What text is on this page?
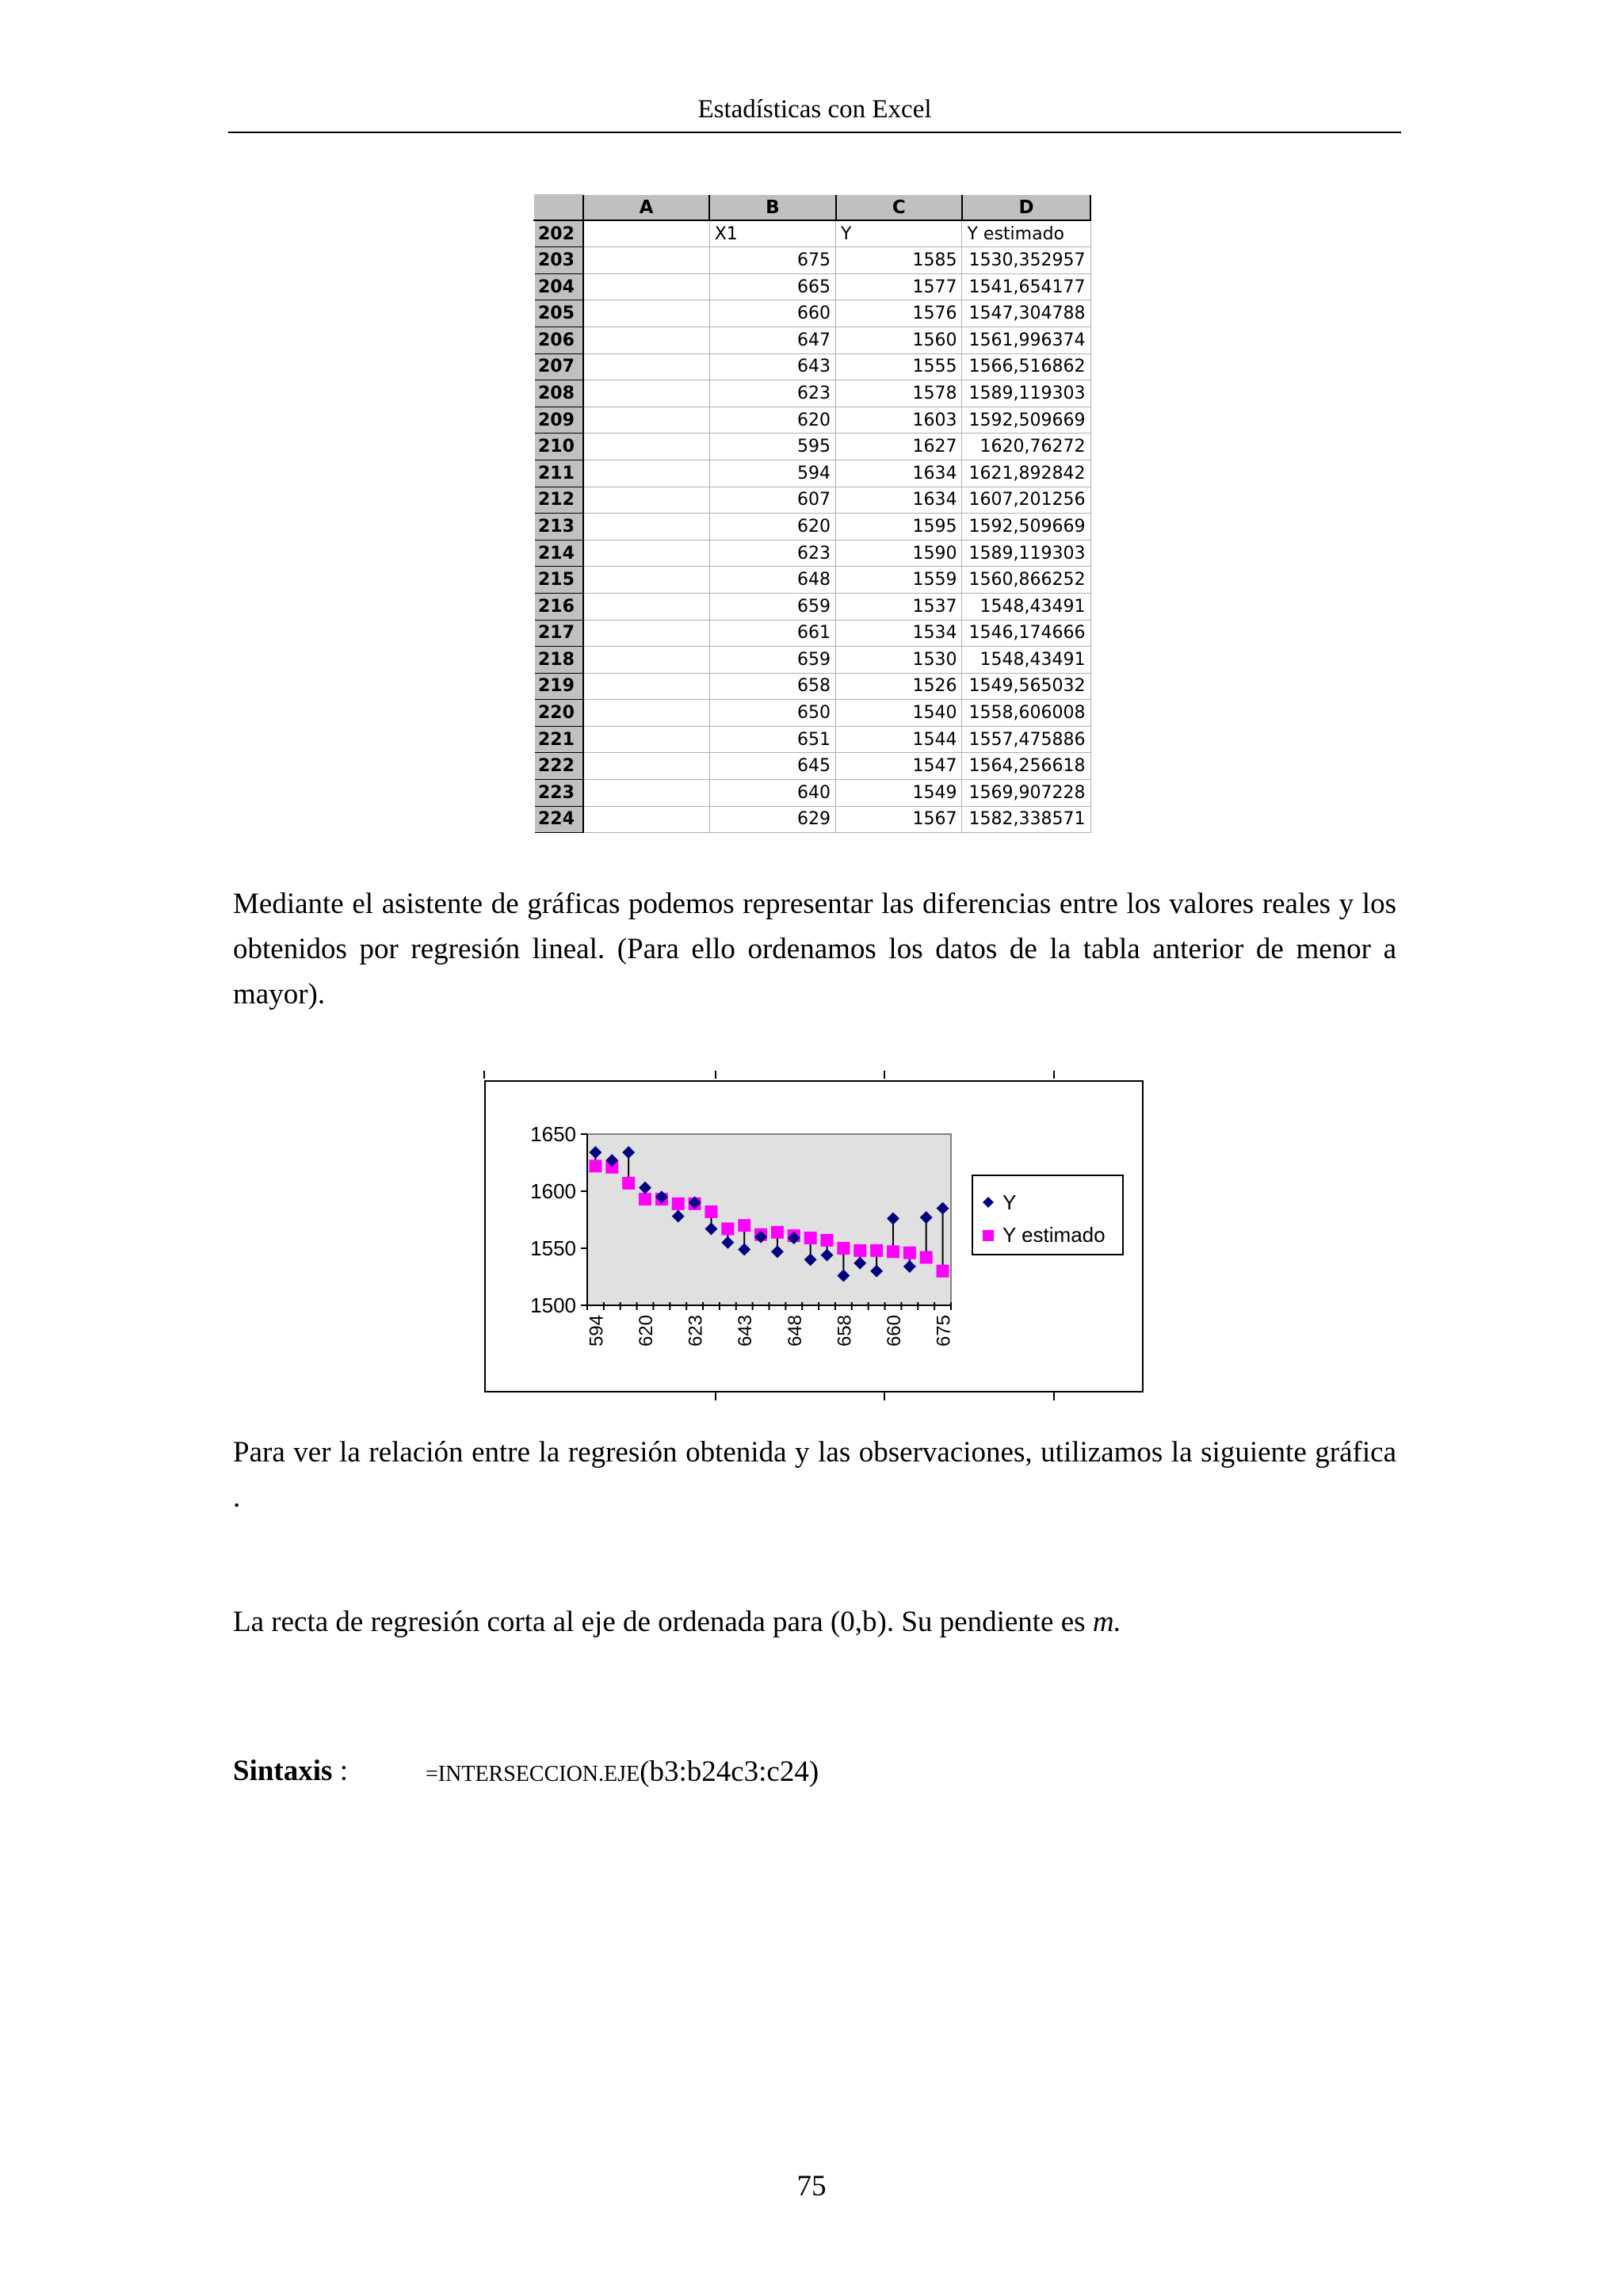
Estadísticas con Excel
	A	B	C	D
202		X1	Y	Y estimado
203		675	1585	1530,352957
204		665	1577	1541,654177
205		660	1576	1547,304788
206		647	1560	1561,996374
207		643	1555	1566,516862
208		623	1578	1589,119303
209		620	1603	1592,509669
210		595	1627	1620,76272
211		594	1634	1621,892842
212		607	1634	1607,201256
213		620	1595	1592,509669
214		623	1590	1589,119303
215		648	1559	1560,866252
216		659	1537	1548,43491
217		661	1534	1546,174666
218		659	1530	1548,43491
219		658	1526	1549,565032
220		650	1540	1558,606008
221		651	1544	1557,475886
222		645	1547	1564,256618
223		640	1549	1569,907228
224		629	1567	1582,338571

Mediante el asistente de gráficas podemos representar las diferencias entre los valores reales y los obtenidos por regresión lineal. (Para ello ordenamos los datos de la tabla anterior de menor a mayor).

1500
1550
1600
1650
594 620 623 643 648 658 660 675
Y
Y estimado

Para ver la relación entre la regresión obtenida y las observaciones, utilizamos la siguiente gráfica .

La recta de regresión corta al eje de ordenada para (0,b). Su pendiente es m.

Sintaxis :	=INTERSECCION.EJE(b3:b24c3:c24)
75
